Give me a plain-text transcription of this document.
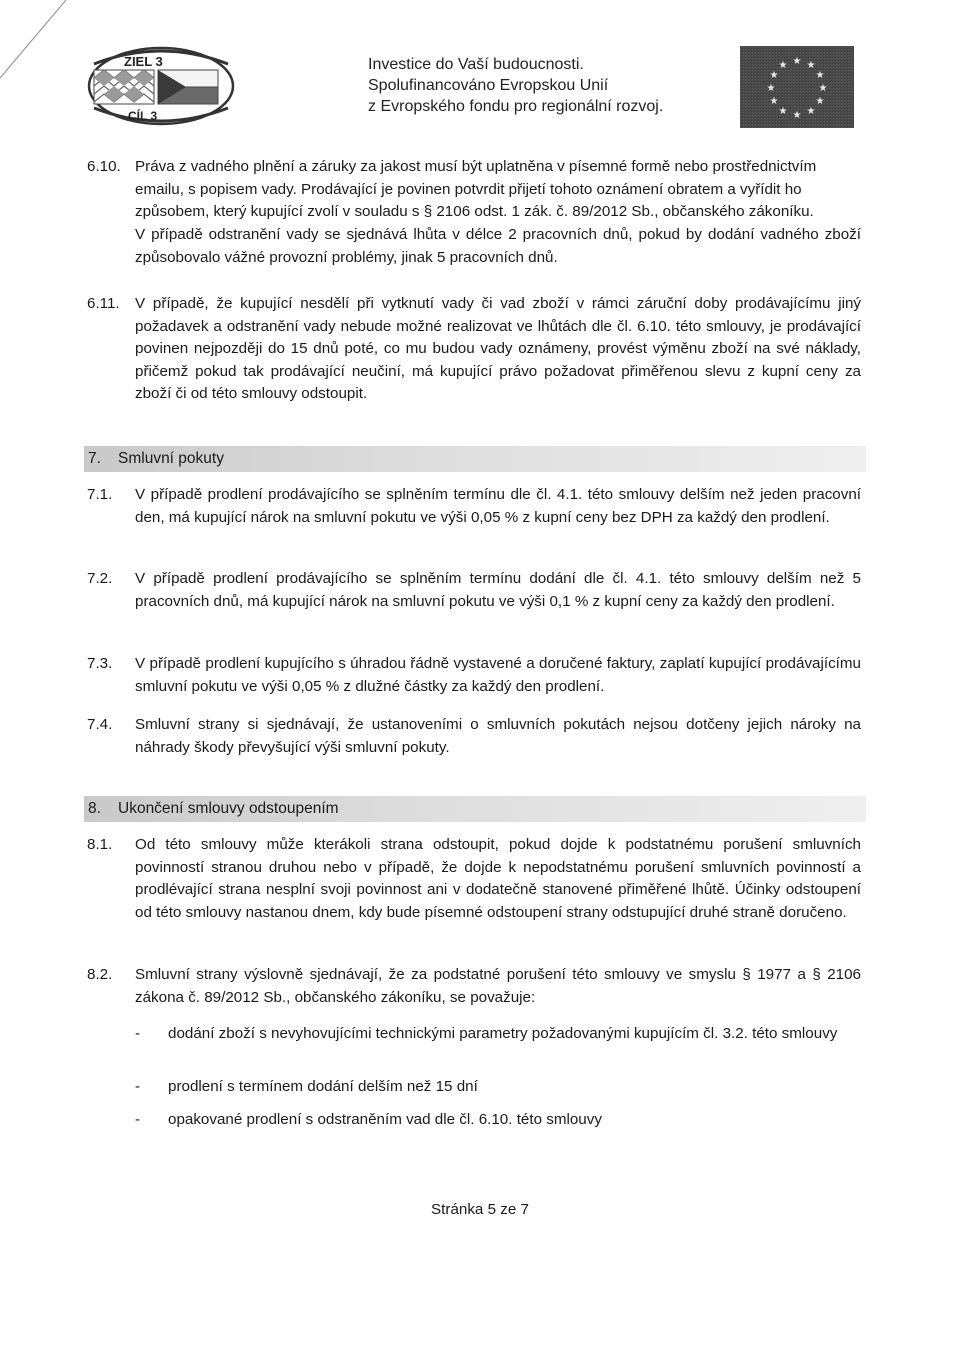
ZIEL 3
CÍL 3
Investice do Vaší budoucnosti.
Spolufinancováno Evropskou Unií
z Evropského fondu pro regionální rozvoj.
★ ★
★
★
★
★
★
★
★
★
★
★
6.10. Práva z vadného plnění a záruky za jakost musí být uplatněna v písemné formě nebo prostřednictvím
emailu, s popisem vady. Prodávající je povinen potvrdit přijetí tohoto oznámení obratem a vyřídit ho
způsobem, který kupující zvolí v souladu s § 2106 odst. 1 zák. č. 89/2012 Sb., občanského zákoníku.
V případě odstranění vady se sjednává lhůta v délce 2 pracovních dnů, pokud by dodání vadného zboží způsobovalo vážné provozní problémy, jinak 5 pracovních dnů.
6.11. V případě, že kupující nesdělí při vytknutí vady či vad zboží v rámci záruční doby prodávajícímu jiný požadavek a odstranění vady nebude možné realizovat ve lhůtách dle čl. 6.10. této smlouvy, je prodávající povinen nejpozději do 15 dnů poté, co mu budou vady oznámeny, provést výměnu zboží na své náklady, přičemž pokud tak prodávající neučiní, má kupující právo požadovat přiměřenou slevu z kupní ceny za zboží či od této smlouvy odstoupit.
7. Smluvní pokuty
7.1. V případě prodlení prodávajícího se splněním termínu dle čl. 4.1. této smlouvy delším než jeden pracovní den, má kupující nárok na smluvní pokutu ve výši 0,05 % z kupní ceny bez DPH za každý den prodlení.
7.2. V případě prodlení prodávajícího se splněním termínu dodání dle čl. 4.1. této smlouvy delším než 5 pracovních dnů, má kupující nárok na smluvní pokutu ve výši 0,1 % z kupní ceny za každý den prodlení.
7.3. V případě prodlení kupujícího s úhradou řádně vystavené a doručené faktury, zaplatí kupující prodávajícímu smluvní pokutu ve výši 0,05 % z dlužné částky za každý den prodlení.
7.4. Smluvní strany si sjednávají, že ustanoveními o smluvních pokutách nejsou dotčeny jejich nároky na náhrady škody převyšující výši smluvní pokuty.
8. Ukončení smlouvy odstoupením
8.1. Od této smlouvy může kterákoli strana odstoupit, pokud dojde k podstatnému porušení smluvních povinností stranou druhou nebo v případě, že dojde k nepodstatnému porušení smluvních povinností a prodlévající strana nesplní svoji povinnost ani v dodatečně stanovené přiměřené lhůtě. Účinky odstoupení od této smlouvy nastanou dnem, kdy bude písemné odstoupení strany odstupující druhé straně doručeno.
8.2. Smluvní strany výslovně sjednávají, že za podstatné porušení této smlouvy ve smyslu § 1977 a § 2106 zákona č. 89/2012 Sb., občanského zákoníku, se považuje:
- dodání zboží s nevyhovujícími technickými parametry požadovanými kupujícím čl. 3.2. této smlouvy
- prodlení s termínem dodání delším než 15 dní
- opakované prodlení s odstraněním vad dle čl. 6.10. této smlouvy
Stránka 5 ze 7
